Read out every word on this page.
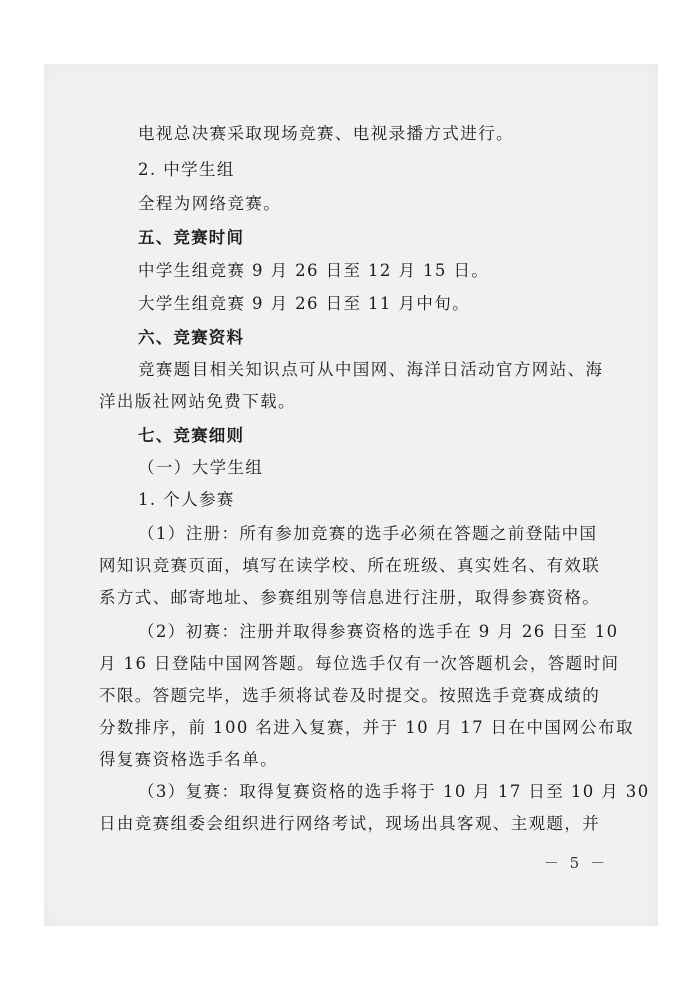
电视总决赛采取现场竞赛、电视录播方式进行。
2. 中学生组
全程为网络竞赛。
五、竞赛时间
中学生组竞赛 9 月 26 日至 12 月 15 日。
大学生组竞赛 9 月 26 日至 11 月中旬。
六、竞赛资料
竞赛题目相关知识点可从中国网、海洋日活动官方网站、海
洋出版社网站免费下载。
七、竞赛细则
（一）大学生组
1. 个人参赛
（1）注册：所有参加竞赛的选手必须在答题之前登陆中国
网知识竞赛页面，填写在读学校、所在班级、真实姓名、有效联
系方式、邮寄地址、参赛组别等信息进行注册，取得参赛资格。
（2）初赛：注册并取得参赛资格的选手在 9 月 26 日至 10
月 16 日登陆中国网答题。每位选手仅有一次答题机会，答题时间
不限。答题完毕，选手须将试卷及时提交。按照选手竞赛成绩的
分数排序，前 100 名进入复赛，并于 10 月 17 日在中国网公布取
得复赛资格选手名单。
（3）复赛：取得复赛资格的选手将于 10 月 17 日至 10 月 30
日由竞赛组委会组织进行网络考试，现场出具客观、主观题，并
－ 5 －
